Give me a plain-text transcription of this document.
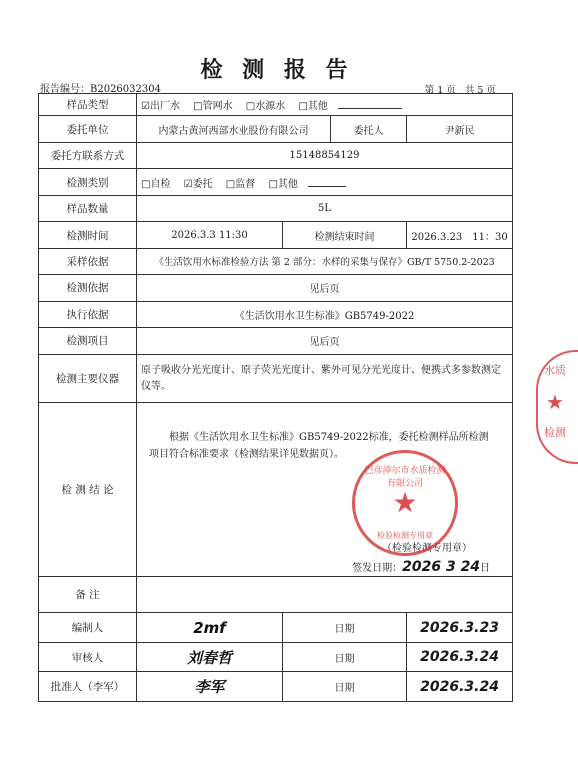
检 测 报 告
报告编号：B2026032304	第 1 页 共 5 页
样品类型	☑出厂水 □管网水 □水源水 □其他			
委托单位	内蒙古黄河西部水业股份有限公司		委托人	尹新民
委托方联系方式	15148854129			
检测类别	□自检 ☑委托 □监督 □其他			
样品数量	5L			
检测时间	2026.3.3 11:30	检测结束时间		2026.3.23　11：30
采样依据	《生活饮用水标准检验方法 第 2 部分：水样的采集与保存》GB/T 5750.2-2023			
检测依据	见后页			
执行依据	《生活饮用水卫生标准》GB5749-2022			
检测项目	见后页			
检测主要仪器	原子吸收分光光度计、原子荧光光度计、紫外可见分光光度计、便携式多参数测定仪等。			
检 测 结 论	根据《生活饮用水卫生标准》GB5749-2022标准，委托检测样品所检测项目符合标准要求（检测结果详见数据页）。
（检验检测专用章）
签发日期：2026 3 24日			

备 注				
编制人	2mf	日期		2026.3.23
审核人	刘春哲	日期		2026.3.24
批准人（李军）	李军	日期		2026.3.24
巴彦淖尔市水质检测有限公司
★
检验检测专用章
水质
★
检测
